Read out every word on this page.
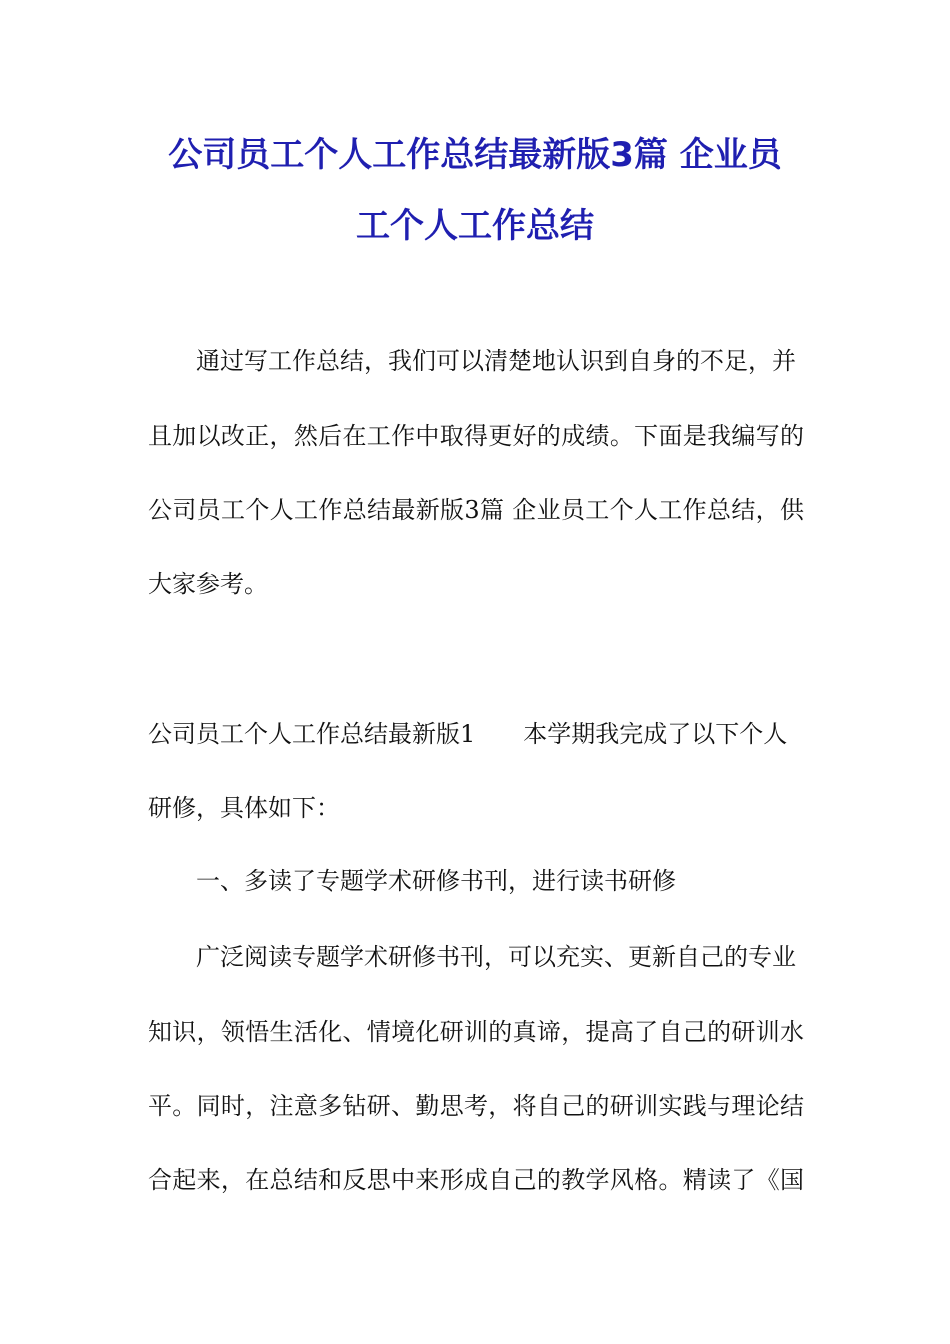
公司员工个人工作总结最新版3篇 企业员
工个人工作总结
通过写工作总结，我们可以清楚地认识到自身的不足，并
且加以改正，然后在工作中取得更好的成绩。下面是我编写的
公司员工个人工作总结最新版3篇 企业员工个人工作总结，供
大家参考。
公司员工个人工作总结最新版1 本学期我完成了以下个人
研修，具体如下：
一、多读了专题学术研修书刊，进行读书研修
广泛阅读专题学术研修书刊，可以充实、更新自己的专业
知识，领悟生活化、情境化研训的真谛，提高了自己的研训水
平。同时，注意多钻研、勤思考，将自己的研训实践与理论结
合起来，在总结和反思中来形成自己的教学风格。精读了《国
